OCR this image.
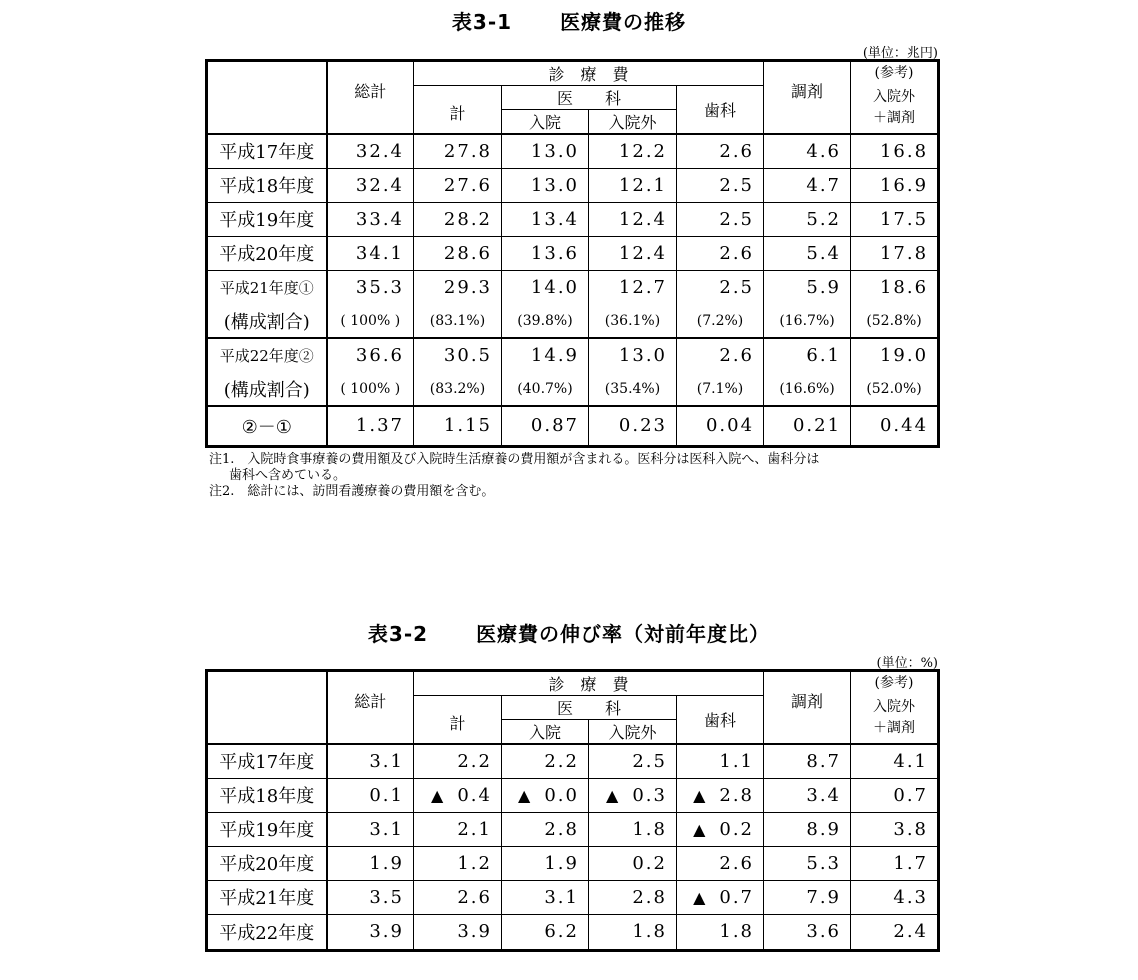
表3-1 医療費の推移
(単位：兆円)
	総計	診　療　費				調剤	(参考)
		計	医　　科		歯科		入院外
			入院	入院外			＋調剤
平成17年度	32.4	27.8	13.0	12.2	2.6	4.6	16.8
平成18年度	32.4	27.6	13.0	12.1	2.5	4.7	16.9
平成19年度	33.4	28.2	13.4	12.4	2.5	5.2	17.5
平成20年度	34.1	28.6	13.6	12.4	2.6	5.4	17.8
平成21年度①	35.3	29.3	14.0	12.7	2.5	5.9	18.6
(構成割合)	( 100% )	(83.1%)	(39.8%)	(36.1%)	(7.2%)	(16.7%)	(52.8%)
平成22年度②	36.6	30.5	14.9	13.0	2.6	6.1	19.0
(構成割合)	( 100% )	(83.2%)	(40.7%)	(35.4%)	(7.1%)	(16.6%)	(52.0%)
②－①	1.37	1.15	0.87	0.23	0.04	0.21	0.44
注1.　入院時食事療養の費用額及び入院時生活療養の費用額が含まれる。医科分は医科入院へ、歯科分は
歯科へ含めている。
注2.　総計には、訪問看護療養の費用額を含む。
表3-2 医療費の伸び率（対前年度比）
(単位：%)
	総計	診　療　費				調剤	(参考)
		計	医　　科		歯科		入院外
			入院	入院外			＋調剤
平成17年度	3.1	2.2	2.2	2.5	1.1	8.7	4.1
平成18年度	0.1	▲ 0.4	▲ 0.0	▲ 0.3	▲ 2.8	3.4	0.7
平成19年度	3.1	2.1	2.8	1.8	▲ 0.2	8.9	3.8
平成20年度	1.9	1.2	1.9	0.2	2.6	5.3	1.7
平成21年度	3.5	2.6	3.1	2.8	▲ 0.7	7.9	4.3
平成22年度	3.9	3.9	6.2	1.8	1.8	3.6	2.4
